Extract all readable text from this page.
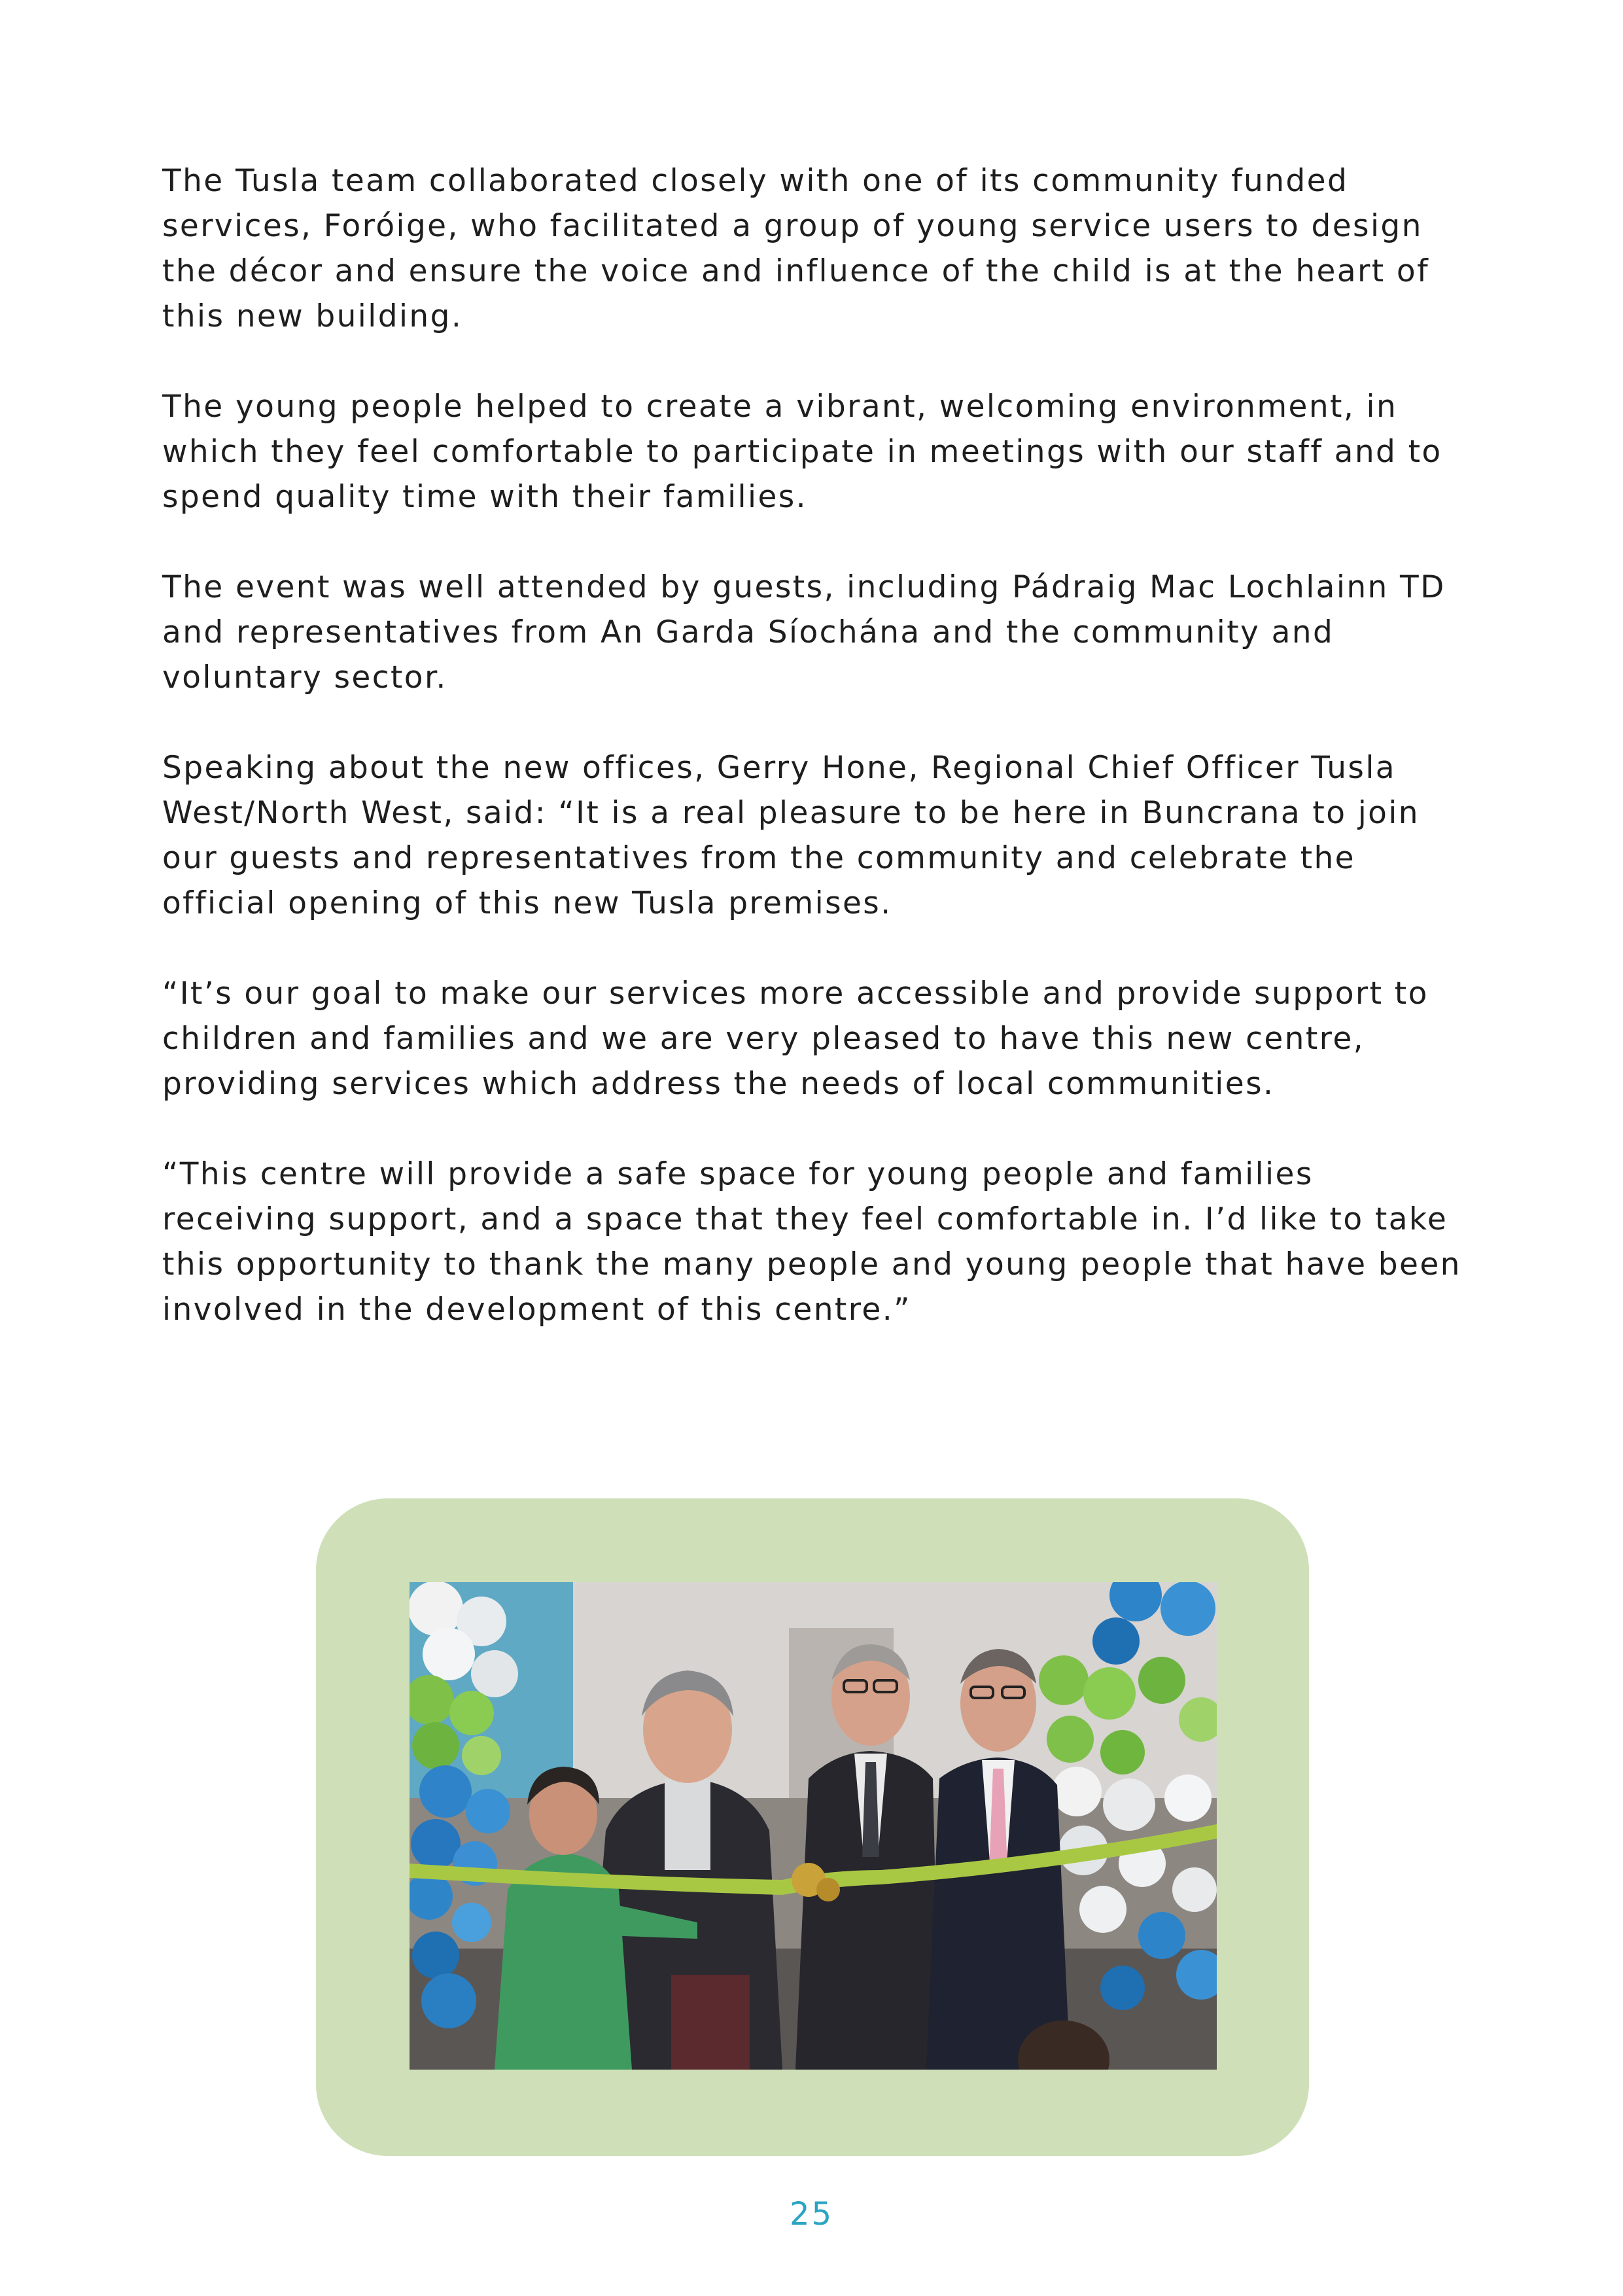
The Tusla team collaborated closely with one of its community funded services, Foróige, who facilitated a group of young service users to design the décor and ensure the voice and influence of the child is at the heart of this new building.

The young people helped to create a vibrant, welcoming environment, in which they feel comfortable to participate in meetings with our staff and to spend quality time with their families.

The event was well attended by guests, including Pádraig Mac Lochlainn TD and representatives from An Garda Síochána and the community and voluntary sector.

Speaking about the new offices, Gerry Hone, Regional Chief Officer Tusla West/North West, said: “It is a real pleasure to be here in Buncrana to join our guests and representatives from the community and celebrate the official opening of this new Tusla premises.

“It’s our goal to make our services more accessible and provide support to children and families and we are very pleased to have this new centre, providing services which address the needs of local communities.

“This centre will provide a safe space for young people and families receiving support, and a space that they feel comfortable in. I’d like to take this opportunity to thank the many people and young people that have been involved in the development of this centre.”

25
